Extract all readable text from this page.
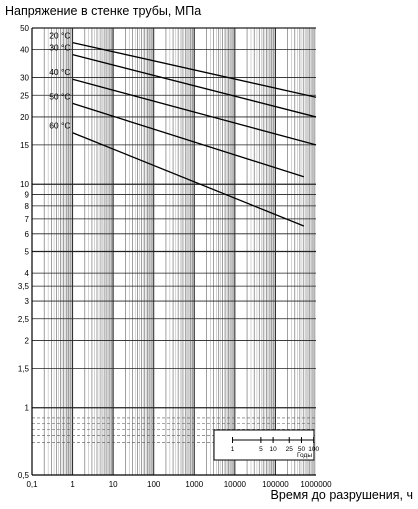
Напряжение в стенке трубы, МПа
0,5
1
1,5
2
2,5
3
3,5
4
5
6
7
8
9
10
15
20
25
30
40
50
0,1	1	10	100	1000	10000 100000 1000000
20 °C
30 °C
40 °C
50 °C
60 °C
1	5 10 25 50 100
Годы
Время до разрушения, ч
